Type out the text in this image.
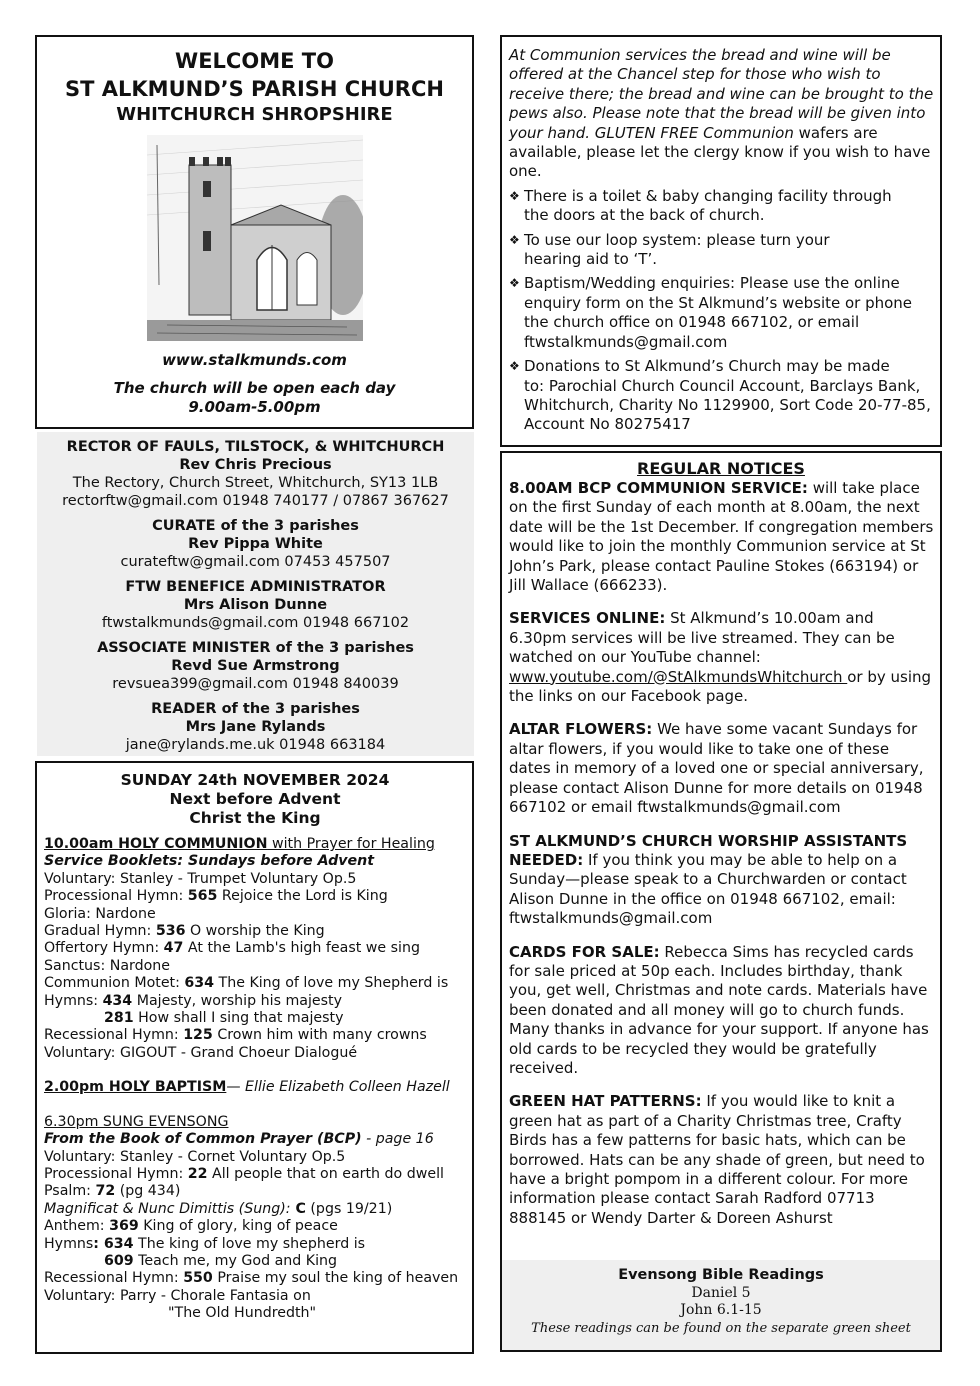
WELCOME TO
ST ALKMUND’S PARISH CHURCH
WHITCHURCH SHROPSHIRE
www.stalkmunds.com
The church will be open each day
9.00am-5.00pm
RECTOR OF FAULS, TILSTOCK, & WHITCHURCH
Rev Chris Precious
The Rectory, Church Street, Whitchurch, SY13 1LB
rectorftw@gmail.com 01948 740177 / 07867 367627
CURATE of the 3 parishes
Rev Pippa White
curateftw@gmail.com 07453 457507
FTW BENEFICE ADMINISTRATOR
Mrs Alison Dunne
ftwstalkmunds@gmail.com 01948 667102
ASSOCIATE MINISTER of the 3 parishes
Revd Sue Armstrong
revsuea399@gmail.com 01948 840039
READER of the 3 parishes
Mrs Jane Rylands
jane@rylands.me.uk 01948 663184
SUNDAY 24th NOVEMBER 2024
Next before Advent
Christ the King
10.00am HOLY COMMUNION with Prayer for Healing
Service Booklets: Sundays before Advent
Voluntary: Stanley - Trumpet Voluntary Op.5
Processional Hymn: 565 Rejoice the Lord is King
Gloria: Nardone
Gradual Hymn: 536 O worship the King
Offertory Hymn: 47 At the Lamb's high feast we sing
Sanctus: Nardone
Communion Motet: 634 The King of love my Shepherd is
Hymns: 434 Majesty, worship his majesty
281 How shall I sing that majesty
Recessional Hymn: 125 Crown him with many crowns
Voluntary: GIGOUT - Grand Choeur Dialogué
2.00pm HOLY BAPTISM— Ellie Elizabeth Colleen Hazell
6.30pm SUNG EVENSONG
From the Book of Common Prayer (BCP) - page 16
Voluntary: Stanley - Cornet Voluntary Op.5
Processional Hymn: 22 All people that on earth do dwell
Psalm: 72 (pg 434)
Magnificat & Nunc Dimittis (Sung): C (pgs 19/21)
Anthem: 369 King of glory, king of peace
Hymns: 634 The king of love my shepherd is
609 Teach me, my God and King
Recessional Hymn: 550 Praise my soul the king of heaven
Voluntary: Parry - Chorale Fantasia on
"The Old Hundredth"
At Communion services the bread and wine will be offered at the Chancel step for those who wish to receive there; the bread and wine can be brought to the pews also. Please note that the bread will be given into your hand. GLUTEN FREE Communion wafers are available, please let the clergy know if you wish to have one.
❖ There is a toilet & baby changing facility through
the doors at the back of church.
❖ To use our loop system: please turn your
hearing aid to ‘T’.
❖ Baptism/Wedding enquiries: Please use the online
enquiry form on the St Alkmund’s website or phone the church office on 01948 667102, or email ftwstalkmunds@gmail.com
❖ Donations to St Alkmund’s Church may be made
to: Parochial Church Council Account, Barclays Bank, Whitchurch, Charity No 1129900, Sort Code 20-77-85, Account No 80275417
REGULAR NOTICES
8.00AM BCP COMMUNION SERVICE: will take place on the first Sunday of each month at 8.00am, the next date will be the 1st December. If congregation members would like to join the monthly Communion service at St John’s Park, please contact Pauline Stokes (663194) or Jill Wallace (666233).
SERVICES ONLINE: St Alkmund’s 10.00am and 6.30pm services will be live streamed. They can be watched on our YouTube channel: www.youtube.com/@StAlkmundsWhitchurch or by using the links on our Facebook page.
ALTAR FLOWERS: We have some vacant Sundays for altar flowers, if you would like to take one of these dates in memory of a loved one or special anniversary, please contact Alison Dunne for more details on 01948 667102 or email ftwstalkmunds@gmail.com
ST ALKMUND’S CHURCH WORSHIP ASSISTANTS NEEDED: If you think you may be able to help on a Sunday—please speak to a Churchwarden or contact Alison Dunne in the office on 01948 667102, email: ftwstalkmunds@gmail.com
CARDS FOR SALE: Rebecca Sims has recycled cards for sale priced at 50p each. Includes birthday, thank you, get well, Christmas and note cards. Materials have been donated and all money will go to church funds. Many thanks in advance for your support. If anyone has old cards to be recycled they would be gratefully received.
GREEN HAT PATTERNS: If you would like to knit a green hat as part of a Charity Christmas tree, Crafty Birds has a few patterns for basic hats, which can be borrowed. Hats can be any shade of green, but need to have a bright pompom in a different colour. For more information please contact Sarah Radford 07713 888145 or Wendy Darter & Doreen Ashurst
Evensong Bible Readings
Daniel 5
John 6.1-15
These readings can be found on the separate green sheet
